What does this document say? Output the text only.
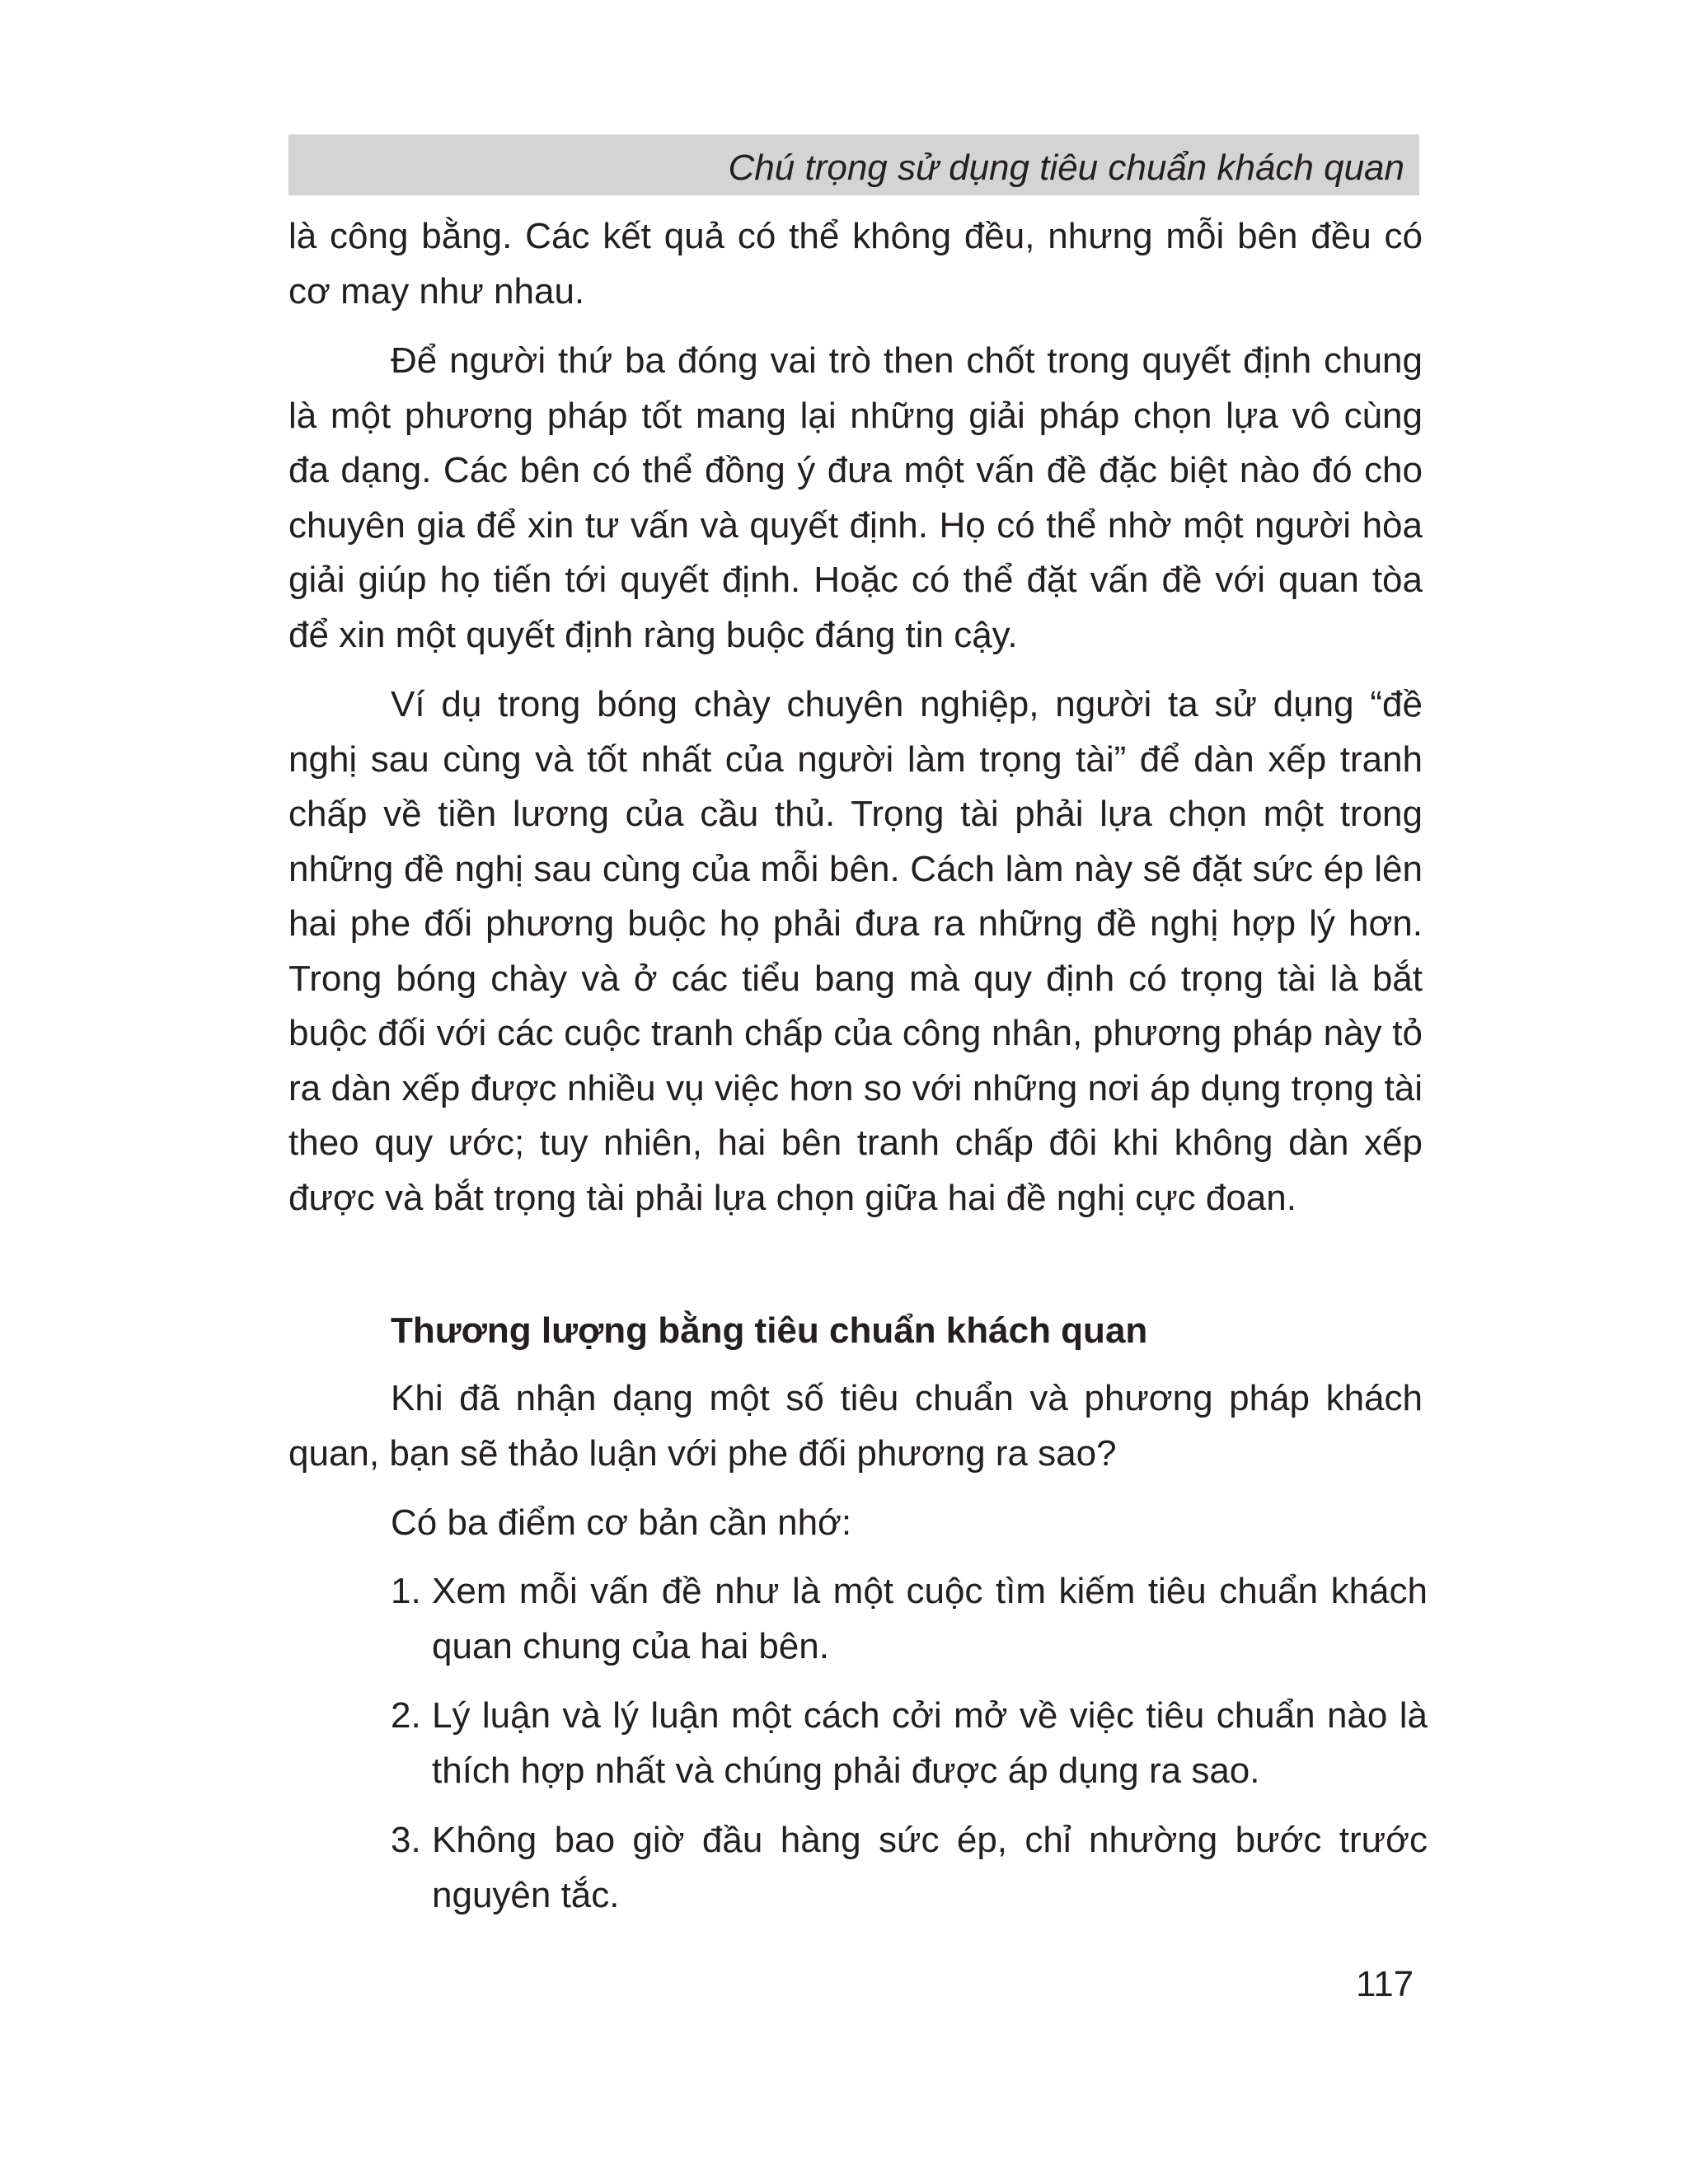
Chú trọng sử dụng tiêu chuẩn khách quan

là công bằng. Các kết quả có thể không đều, nhưng mỗi bên đều có cơ may như nhau.

Để người thứ ba đóng vai trò then chốt trong quyết định chung là một phương pháp tốt mang lại những giải pháp chọn lựa vô cùng đa dạng. Các bên có thể đồng ý đưa một vấn đề đặc biệt nào đó cho chuyên gia để xin tư vấn và quyết định. Họ có thể nhờ một người hòa giải giúp họ tiến tới quyết định. Hoặc có thể đặt vấn đề với quan tòa để xin một quyết định ràng buộc đáng tin cậy.

Ví dụ trong bóng chày chuyên nghiệp, người ta sử dụng “đề nghị sau cùng và tốt nhất của người làm trọng tài” để dàn xếp tranh chấp về tiền lương của cầu thủ. Trọng tài phải lựa chọn một trong những đề nghị sau cùng của mỗi bên. Cách làm này sẽ đặt sức ép lên hai phe đối phương buộc họ phải đưa ra những đề nghị hợp lý hơn. Trong bóng chày và ở các tiểu bang mà quy định có trọng tài là bắt buộc đối với các cuộc tranh chấp của công nhân, phương pháp này tỏ ra dàn xếp được nhiều vụ việc hơn so với những nơi áp dụng trọng tài theo quy ước; tuy nhiên, hai bên tranh chấp đôi khi không dàn xếp được và bắt trọng tài phải lựa chọn giữa hai đề nghị cực đoan.

Thương lượng bằng tiêu chuẩn khách quan

Khi đã nhận dạng một số tiêu chuẩn và phương pháp khách quan, bạn sẽ thảo luận với phe đối phương ra sao?

Có ba điểm cơ bản cần nhớ:

1. Xem mỗi vấn đề như là một cuộc tìm kiếm tiêu chuẩn khách quan chung của hai bên.
2. Lý luận và lý luận một cách cởi mở về việc tiêu chuẩn nào là thích hợp nhất và chúng phải được áp dụng ra sao.
3. Không bao giờ đầu hàng sức ép, chỉ nhường bước trước nguyên tắc.
117
